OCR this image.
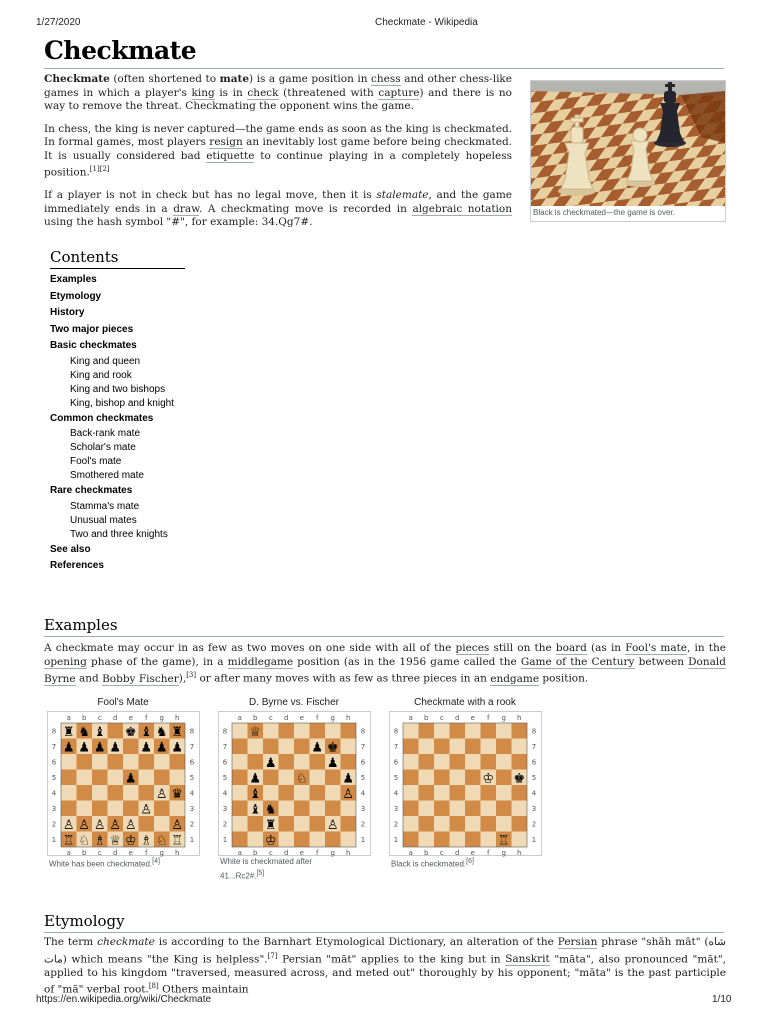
1/27/2020	Checkmate - Wikipedia
Checkmate

Checkmate (often shortened to mate) is a game position in chess and other chess-like games in which a player's king is in check (threatened with capture) and there is no way to remove the threat. Checkmating the opponent wins the game.

In chess, the king is never captured—the game ends as soon as the king is checkmated. In formal games, most players resign an inevitably lost game before being checkmated. It is usually considered bad etiquette to continue playing in a completely hopeless position.[1][2]

If a player is not in check but has no legal move, then it is stalemate, and the game immediately ends in a draw. A checkmating move is recorded in algebraic notation using the hash symbol "#", for example: 34.Qg7#.

Black is checkmated—the game is over.
Contents
Examples
Etymology
History
Two major pieces
Basic checkmates
King and queen
King and rook
King and two bishops
King, bishop and knight
Common checkmates
Back-rank mate
Scholar's mate
Fool's mate
Smothered mate
Rare checkmates
Stamma's mate
Unusual mates
Two and three knights
See also
References
Examples
A checkmate may occur in as few as two moves on one side with all of the pieces still on the board (as in Fool's mate, in the opening phase of the game), in a middlegame position (as in the 1956 game called the Game of the Century between Donald Byrne and Bobby Fischer),[3] or after many moves with as few as three pieces in an endgame position.
Fool's Mate	D. Byrne vs. Fischer	Checkmate with a rook
a
a
b
b
c
c
d
d
e
e
f
f
g
g
h
h
8	8
7	7
6	6
5	5
4	4
3	3
2	2
1	1
♜ ♞ ♝ ♚ ♝ ♞ ♜
♟ ♟ ♟ ♟ ♟ ♟ ♟
♟
♙ ♛
♙
♙ ♙ ♙ ♙ ♙	♙
♖ ♘ ♗ ♕ ♔ ♗ ♘ ♖
a
a
b
b
c
c
d
d
e
e
f
f
g
g
h
h
8	8
7	7
6	6
5	5
4	4
3	3
2	2
1	1
♕
♟ ♚
♟	♟
♟	♘	♟
♝	♙
♝ ♞
♜	♙
♔
a
a
b
b
c
c
d
d
e
e
f
f
g
g
h
h
8	8
7	7
6	6
5	5
4	4
3	3
2	2
1	1
♔ ♚
♖
White has been checkmated.[4]	White is checkmated after 41...Rc2#.[5]
Black is checkmated.[6]
Etymology
The term checkmate is according to the Barnhart Etymological Dictionary, an alteration of the Persian phrase "shāh māt" (شاه مات) which means "the King is helpless".[7] Persian "māt" applies to the king but in Sanskrit "māta", also pronounced "māt", applied to his kingdom "traversed, measured across, and meted out" thoroughly by his opponent; "māta" is the past participle of "mā" verbal root.[8] Others maintain
https://en.wikipedia.org/wiki/Checkmate	1/10
